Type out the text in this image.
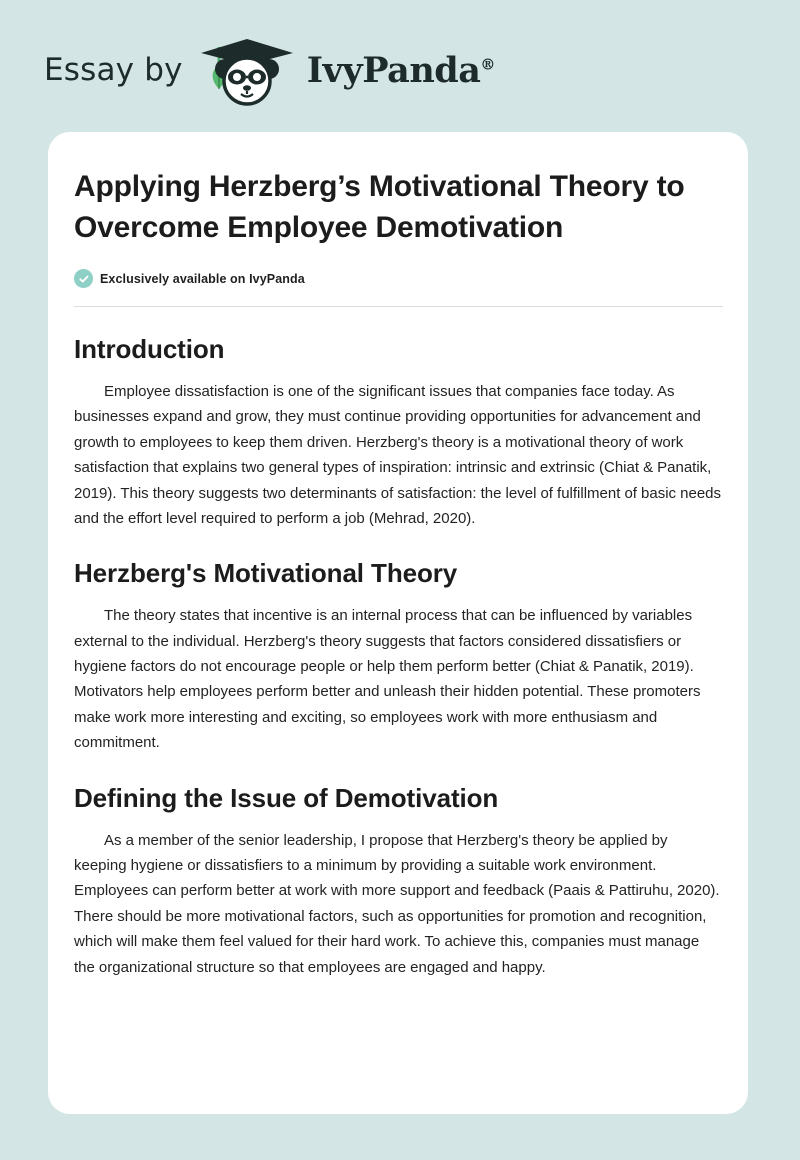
Essay by	IvyPanda®
Applying Herzberg’s Motivational Theory to Overcome Employee Demotivation
Exclusively available on IvyPanda
Introduction

Employee dissatisfaction is one of the significant issues that companies face today. As businesses expand and grow, they must continue providing opportunities for advancement and growth to employees to keep them driven. Herzberg's theory is a motivational theory of work satisfaction that explains two general types of inspiration: intrinsic and extrinsic (Chiat & Panatik, 2019). This theory suggests two determinants of satisfaction: the level of fulfillment of basic needs and the effort level required to perform a job (Mehrad, 2020).

Herzberg's Motivational Theory

The theory states that incentive is an internal process that can be influenced by variables external to the individual. Herzberg's theory suggests that factors considered dissatisfiers or hygiene factors do not encourage people or help them perform better (Chiat & Panatik, 2019). Motivators help employees perform better and unleash their hidden potential. These promoters make work more interesting and exciting, so employees work with more enthusiasm and commitment.

Defining the Issue of Demotivation

As a member of the senior leadership, I propose that Herzberg's theory be applied by keeping hygiene or dissatisfiers to a minimum by providing a suitable work environment. Employees can perform better at work with more support and feedback (Paais & Pattiruhu, 2020). There should be more motivational factors, such as opportunities for promotion and recognition, which will make them feel valued for their hard work. To achieve this, companies must manage the organizational structure so that employees are engaged and happy.
